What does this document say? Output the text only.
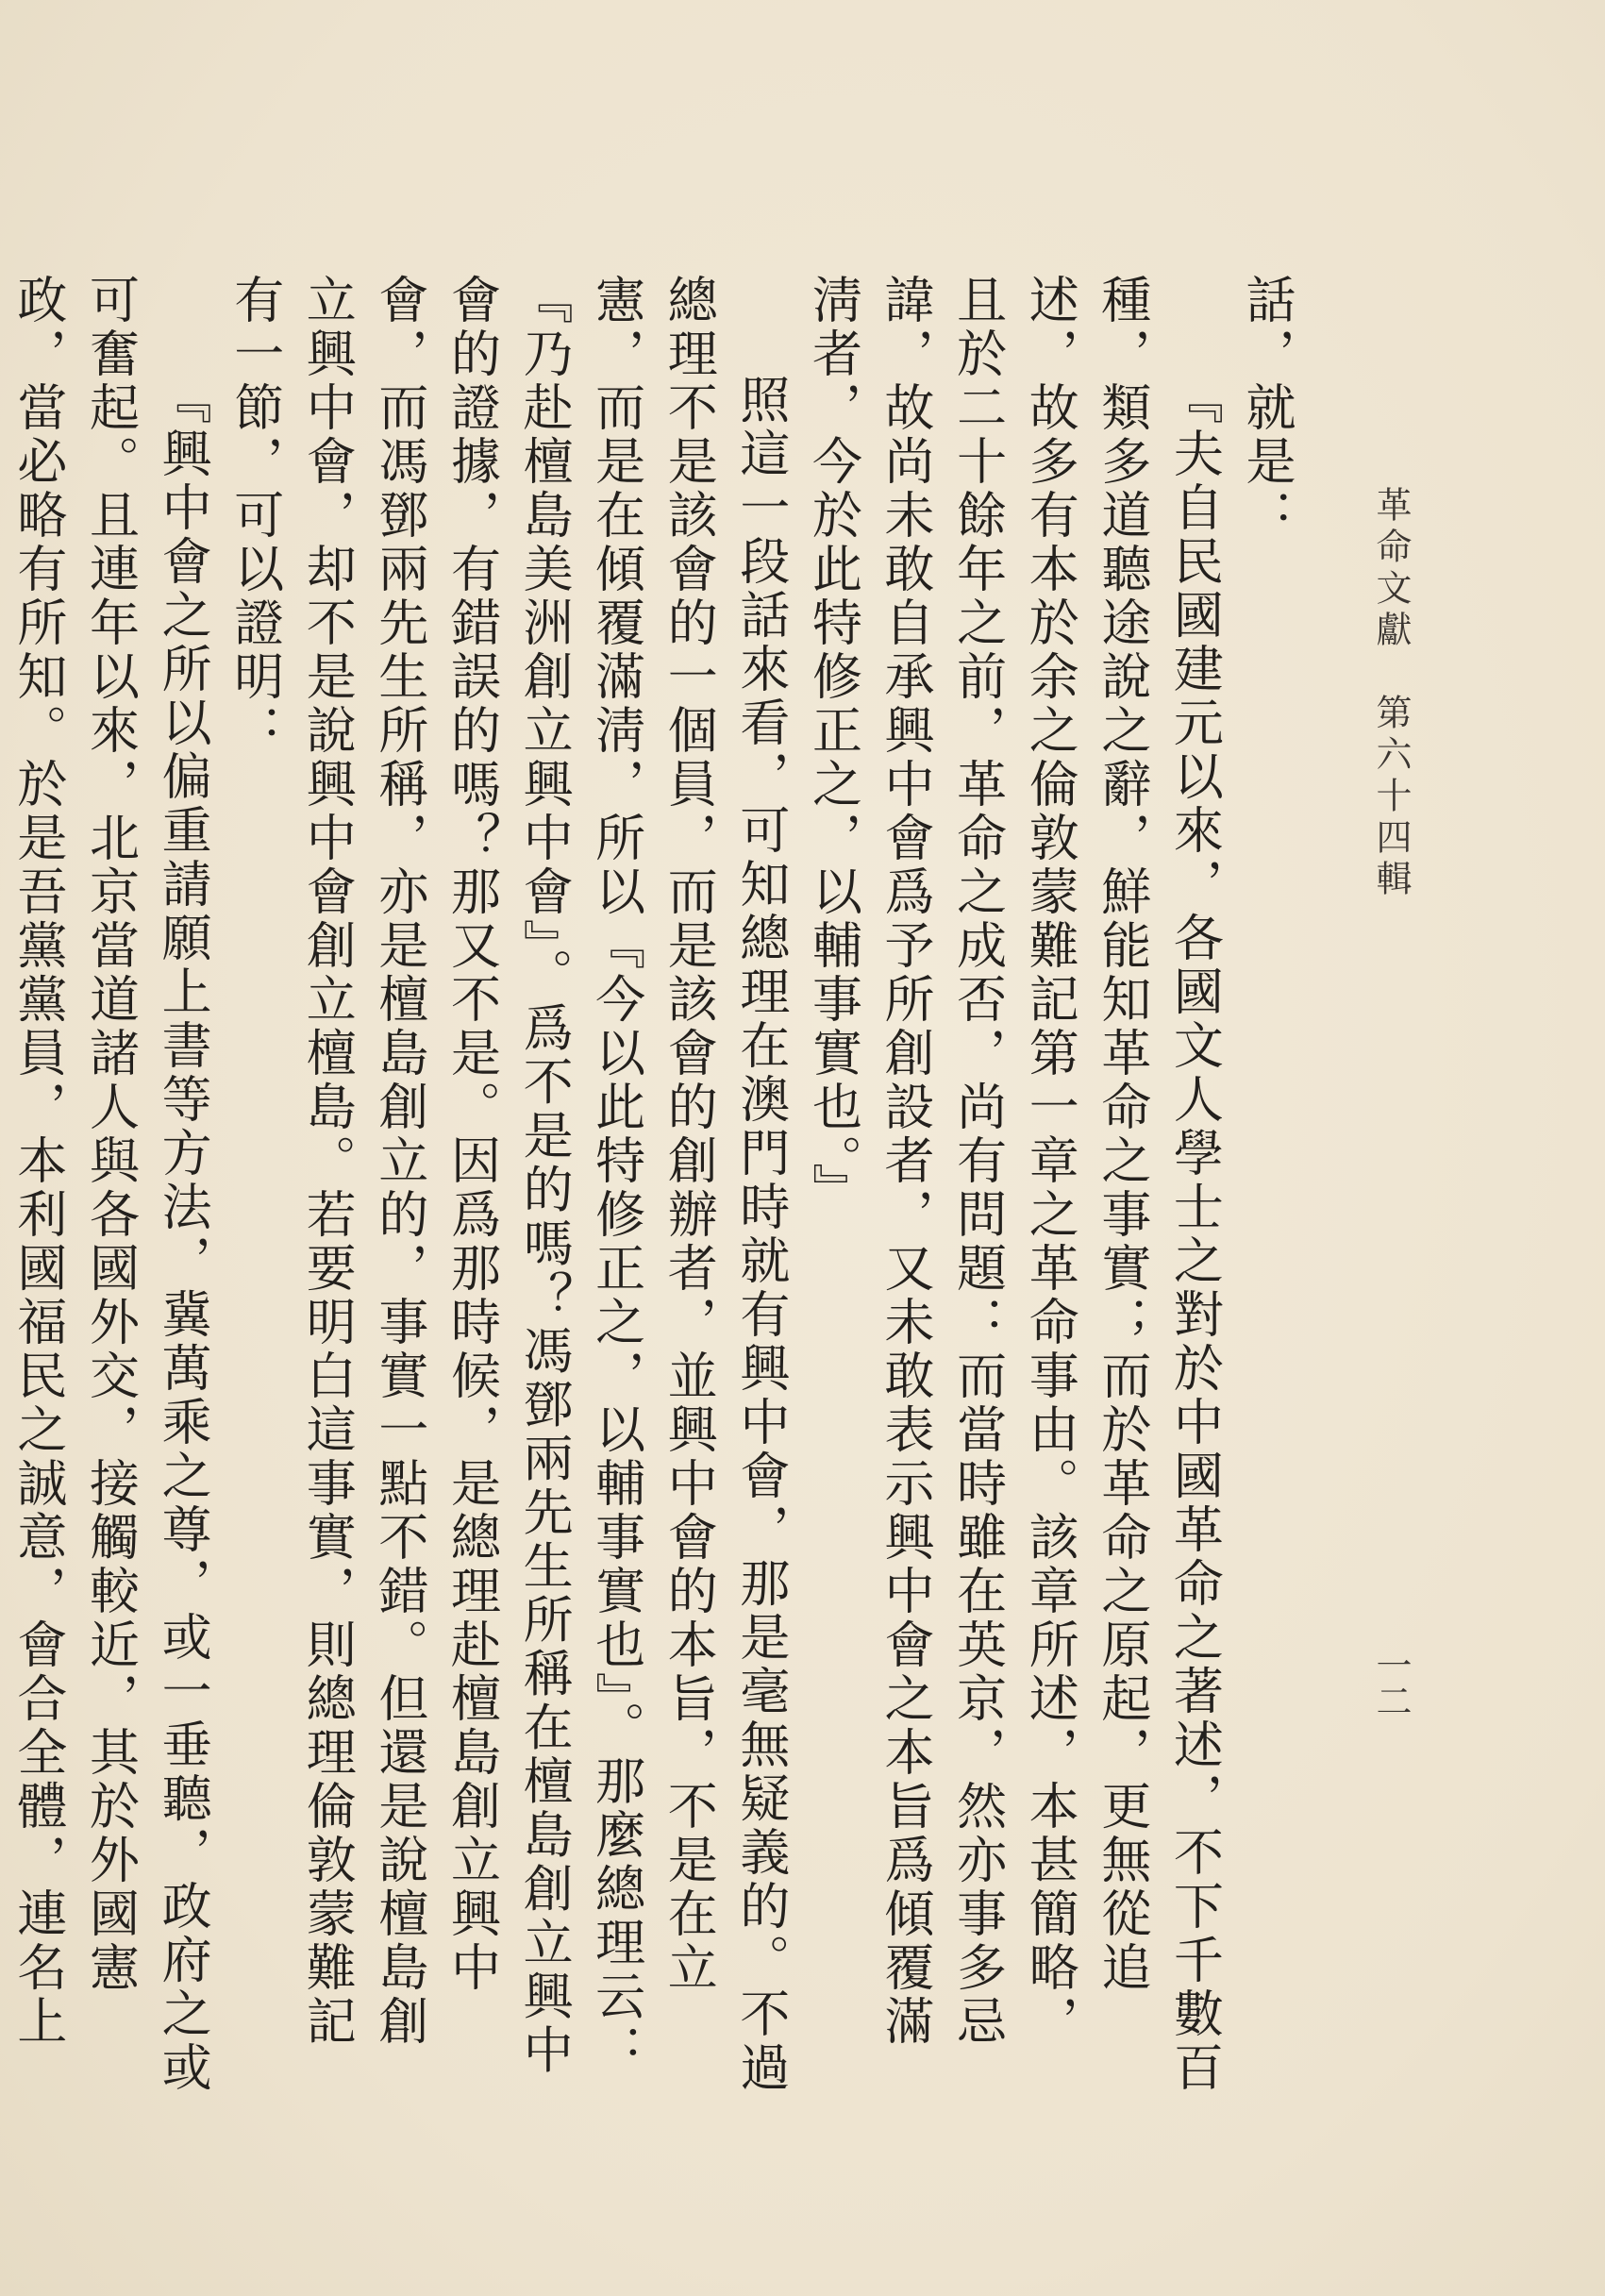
革命文獻　第六十四輯
一二

話，就是：

『夫自民國建元以來，各國文人學士之對於中國革命之著述，不下千數百種，類多道聽途說之辭，鮮能知革命之事實；而於革命之原起，更無從追述，故多有本於余之倫敦蒙難記第一章之革命事由。該章所述，本甚簡略，且於二十餘年之前，革命之成否，尚有問題：而當時雖在英京，然亦事多忌諱，故尚未敢自承興中會爲予所創設者，又未敢表示興中會之本旨爲傾覆滿淸者，今於此特修正之，以輔事實也。』

照這一段話來看，可知總理在澳門時就有興中會，那是毫無疑義的。不過總理不是該會的一個員，而是該會的創辦者，並興中會的本旨，不是在立憲，而是在傾覆滿淸，所以『今以此特修正之，以輔事實也』。那麼總理云：『乃赴檀島美洲創立興中會』。爲不是的嗎？馮鄧兩先生所稱在檀島創立興中會的證據，有錯誤的嗎？那又不是。因爲那時候，是總理赴檀島創立興中會，而馮鄧兩先生所稱，亦是檀島創立的，事實一點不錯。但還是說檀島創立興中會，却不是說興中會創立檀島。若要明白這事實，則總理倫敦蒙難記有一節，可以證明：

『興中會之所以偏重請願上書等方法，冀萬乘之尊，或一垂聽，政府之或可奮起。且連年以來，北京當道諸人與各國外交，接觸較近，其於外國憲政，當必略有所知。於是吾黨黨員，本利國福民之誠意，會合全體，連名上
